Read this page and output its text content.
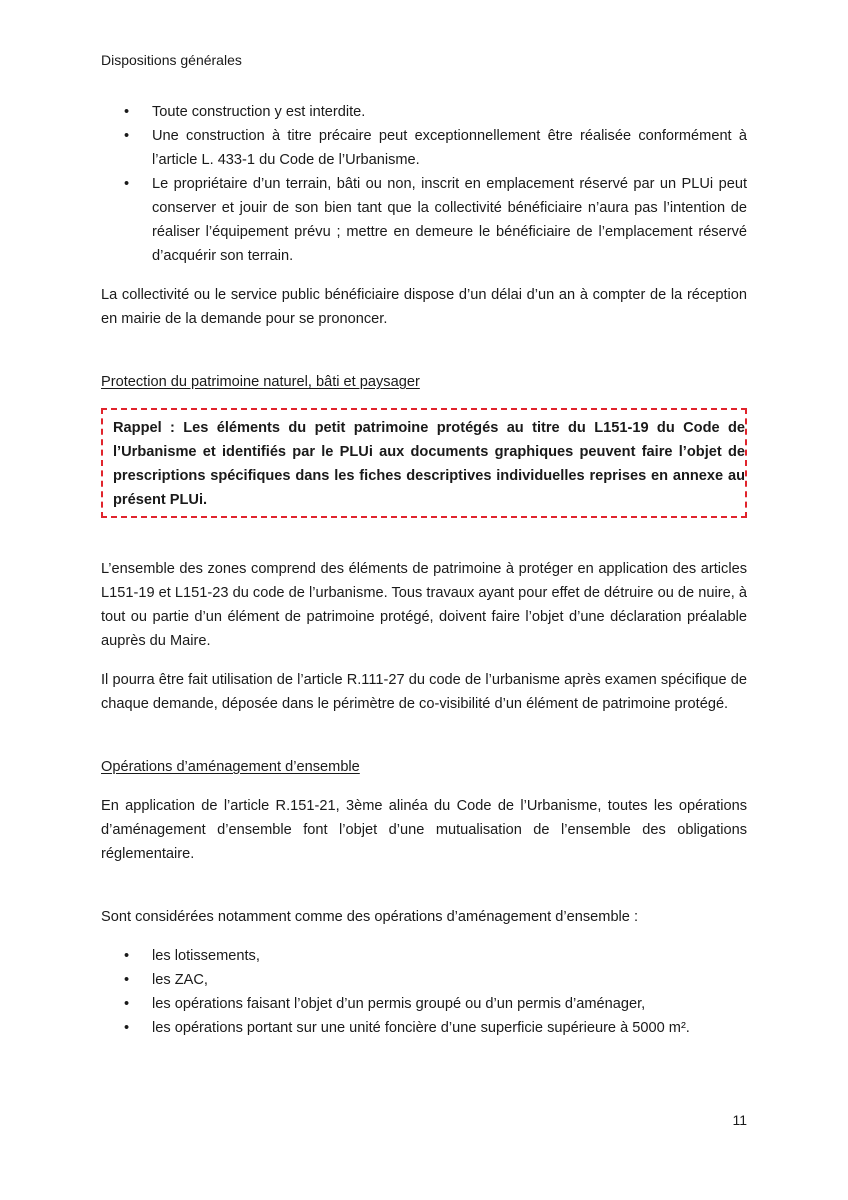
Dispositions générales
• Toute construction y est interdite.
• Une construction à titre précaire peut exceptionnellement être réalisée conformément à l’article L. 433-1 du Code de l’Urbanisme.
• Le propriétaire d’un terrain, bâti ou non, inscrit en emplacement réservé par un PLUi peut conserver et jouir de son bien tant que la collectivité bénéficiaire n’aura pas l’intention de réaliser l’équipement prévu ; mettre en demeure le bénéficiaire de l’emplacement réservé d’acquérir son terrain.

La collectivité ou le service public bénéficiaire dispose d’un délai d’un an à compter de la réception en mairie de la demande pour se prononcer.

Protection du patrimoine naturel, bâti et paysager

Rappel : Les éléments du petit patrimoine protégés au titre du L151-19 du Code de l’Urbanisme et identifiés par le PLUi aux documents graphiques peuvent faire l’objet de prescriptions spécifiques dans les fiches descriptives individuelles reprises en annexe au présent PLUi.

L’ensemble des zones comprend des éléments de patrimoine à protéger en application des articles L151-19 et L151-23 du code de l’urbanisme. Tous travaux ayant pour effet de détruire ou de nuire, à tout ou partie d’un élément de patrimoine protégé, doivent faire l’objet d’une déclaration préalable auprès du Maire.

Il pourra être fait utilisation de l’article R.111-27 du code de l’urbanisme après examen spécifique de chaque demande, déposée dans le périmètre de co-visibilité d’un élément de patrimoine protégé.

Opérations d’aménagement d’ensemble

En application de l’article R.151-21, 3ème alinéa du Code de l’Urbanisme, toutes les opérations d’aménagement d’ensemble font l’objet d’une mutualisation de l’ensemble des obligations réglementaire.

Sont considérées notamment comme des opérations d’aménagement d’ensemble :

• les lotissements,
• les ZAC,
• les opérations faisant l’objet d’un permis groupé ou d’un permis d’aménager,
• les opérations portant sur une unité foncière d’une superficie supérieure à 5000 m².
11
